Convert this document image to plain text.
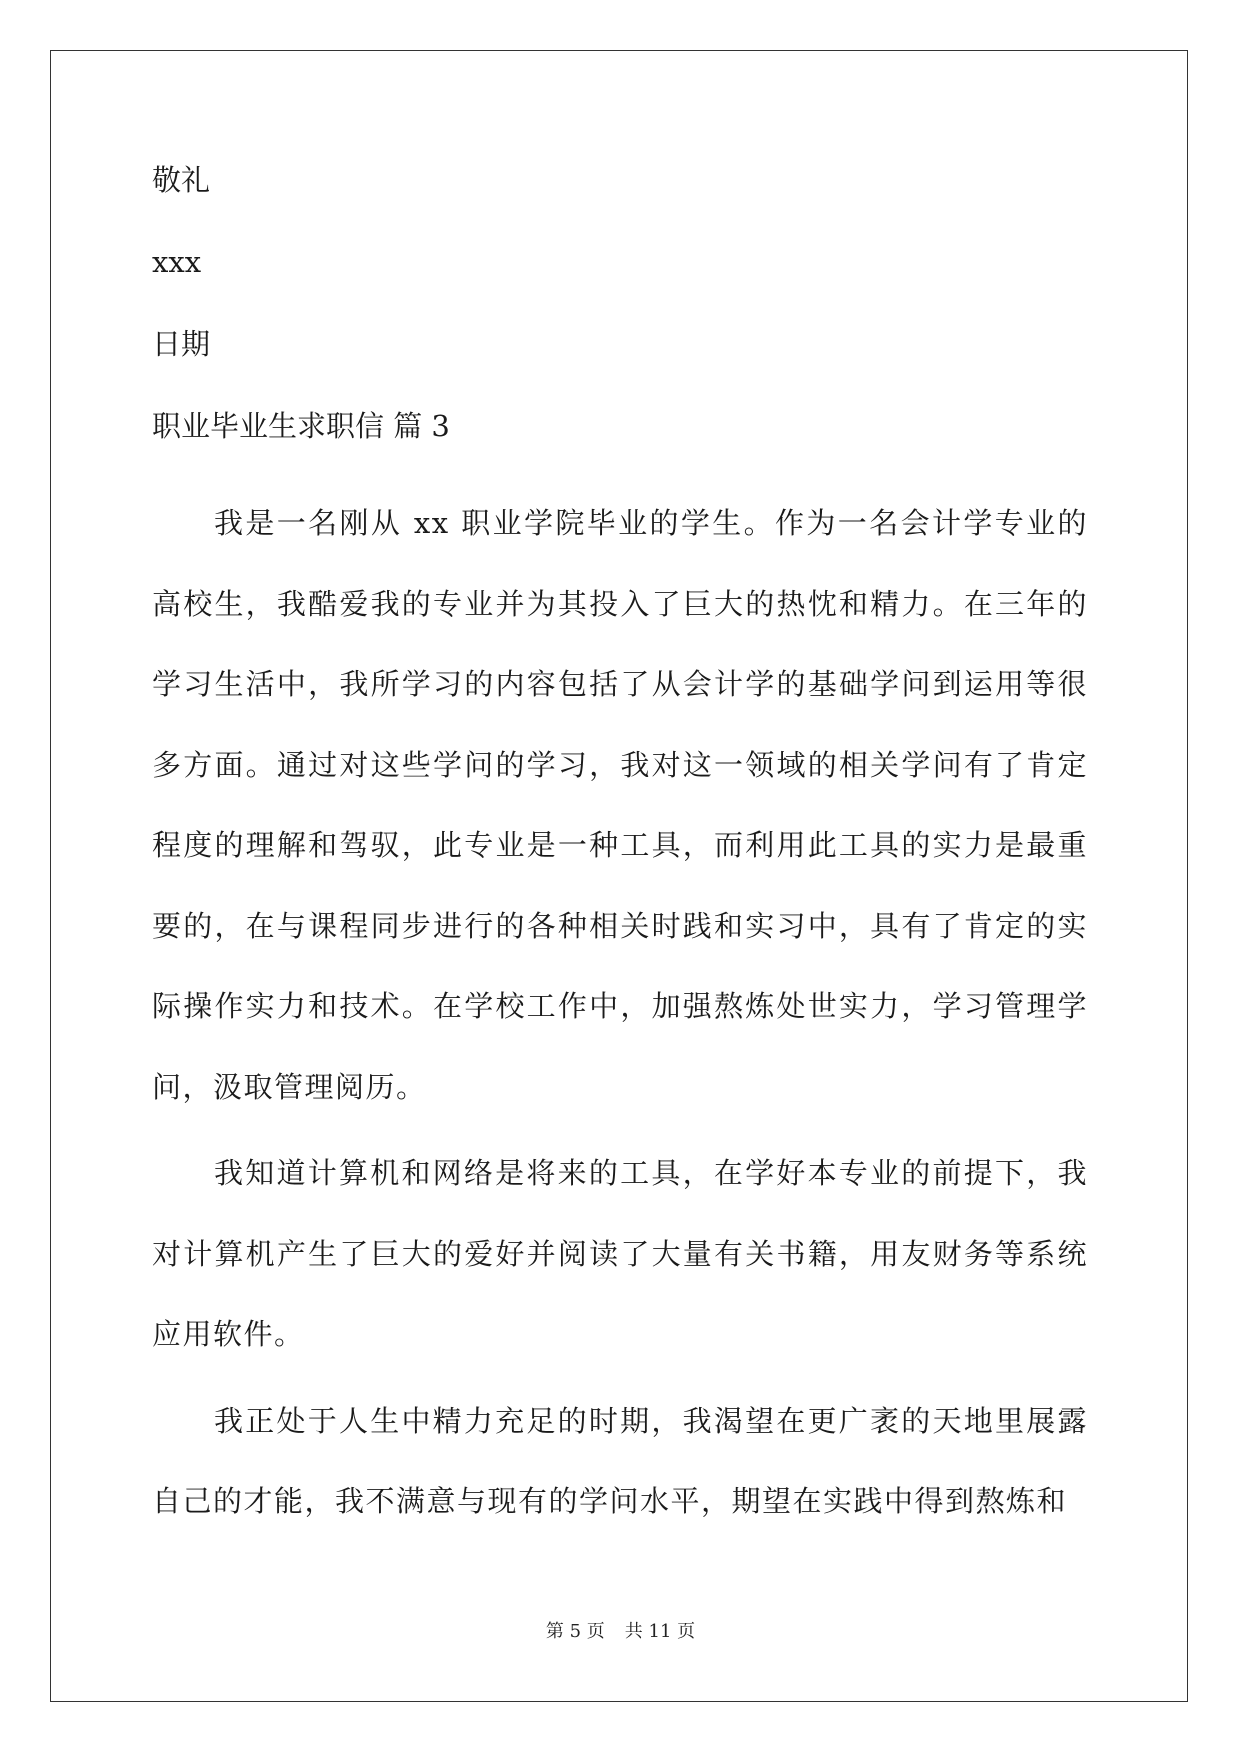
敬礼

xxx

日期

职业毕业生求职信 篇 3

我是一名刚从 xx 职业学院毕业的学生。作为一名会计学专业的高校生，我酷爱我的专业并为其投入了巨大的热忱和精力。在三年的学习生活中，我所学习的内容包括了从会计学的基础学问到运用等很多方面。通过对这些学问的学习，我对这一领域的相关学问有了肯定程度的理解和驾驭，此专业是一种工具，而利用此工具的实力是最重要的，在与课程同步进行的各种相关时践和实习中，具有了肯定的实际操作实力和技术。在学校工作中，加强熬炼处世实力，学习管理学问，汲取管理阅历。

我知道计算机和网络是将来的工具，在学好本专业的前提下，我对计算机产生了巨大的爱好并阅读了大量有关书籍，用友财务等系统应用软件。

我正处于人生中精力充足的时期，我渴望在更广袤的天地里展露自己的才能，我不满意与现有的学问水平，期望在实践中得到熬炼和

第 5 页 共 11 页
